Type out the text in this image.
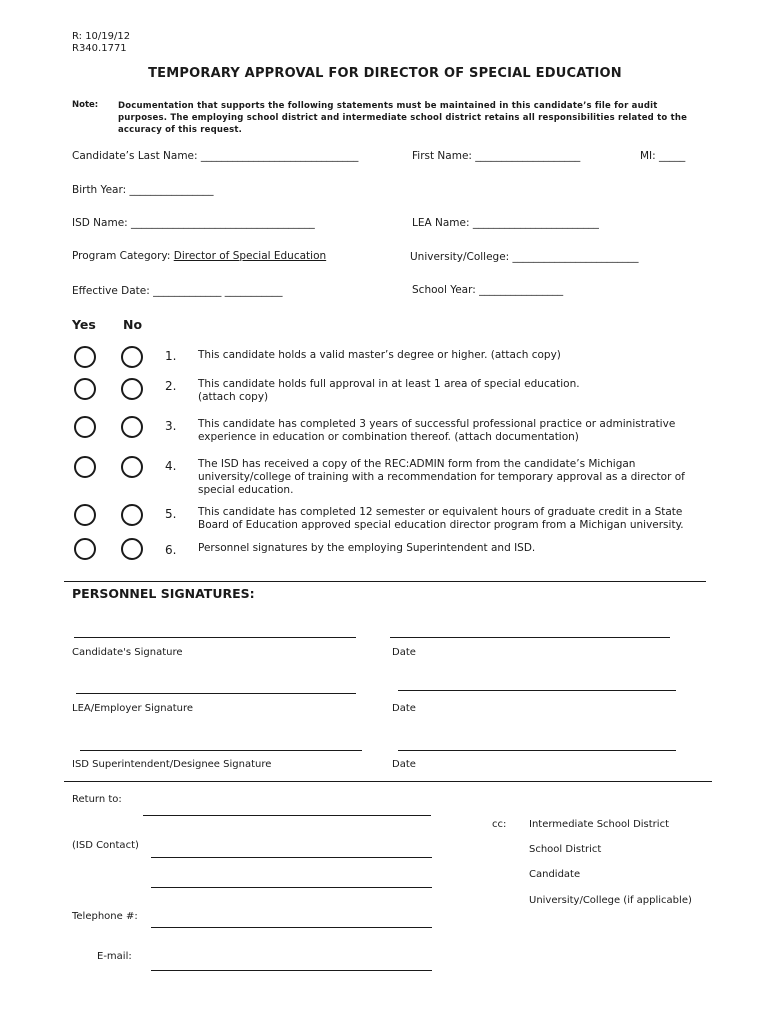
R: 10/19/12
R340.1771
TEMPORARY APPROVAL FOR DIRECTOR OF SPECIAL EDUCATION
Note: Documentation that supports the following statements must be maintained in this candidate’s file for audit purposes. The employing school district and intermediate school district retains all responsibilities related to the accuracy of this request.
Candidate’s Last Name: ______________________________	First Name: ____________________	MI: _____
Birth Year: ________________
ISD Name: ___________________________________	LEA Name: ________________________
Program Category: Director of Special Education	University/College: ________________________
Effective Date: _____________ ___________	School Year: ________________
Yes No
1. This candidate holds a valid master’s degree or higher. (attach copy)
2. This candidate holds full approval in at least 1 area of special education. (attach copy)
3. This candidate has completed 3 years of successful professional practice or administrative experience in education or combination thereof. (attach documentation)
4. The ISD has received a copy of the REC:ADMIN form from the candidate’s Michigan university/college of training with a recommendation for temporary approval as a director of special education.
5. This candidate has completed 12 semester or equivalent hours of graduate credit in a State Board of Education approved special education director program from a Michigan university.
6. Personnel signatures by the employing Superintendent and ISD.
PERSONNEL SIGNATURES:
Candidate's Signature	Date
LEA/Employer Signature	Date
ISD Superintendent/Designee Signature	Date
Return to:
(ISD Contact)
Telephone #:
E-mail:
cc: Intermediate School District
School District
Candidate
University/College (if applicable)
